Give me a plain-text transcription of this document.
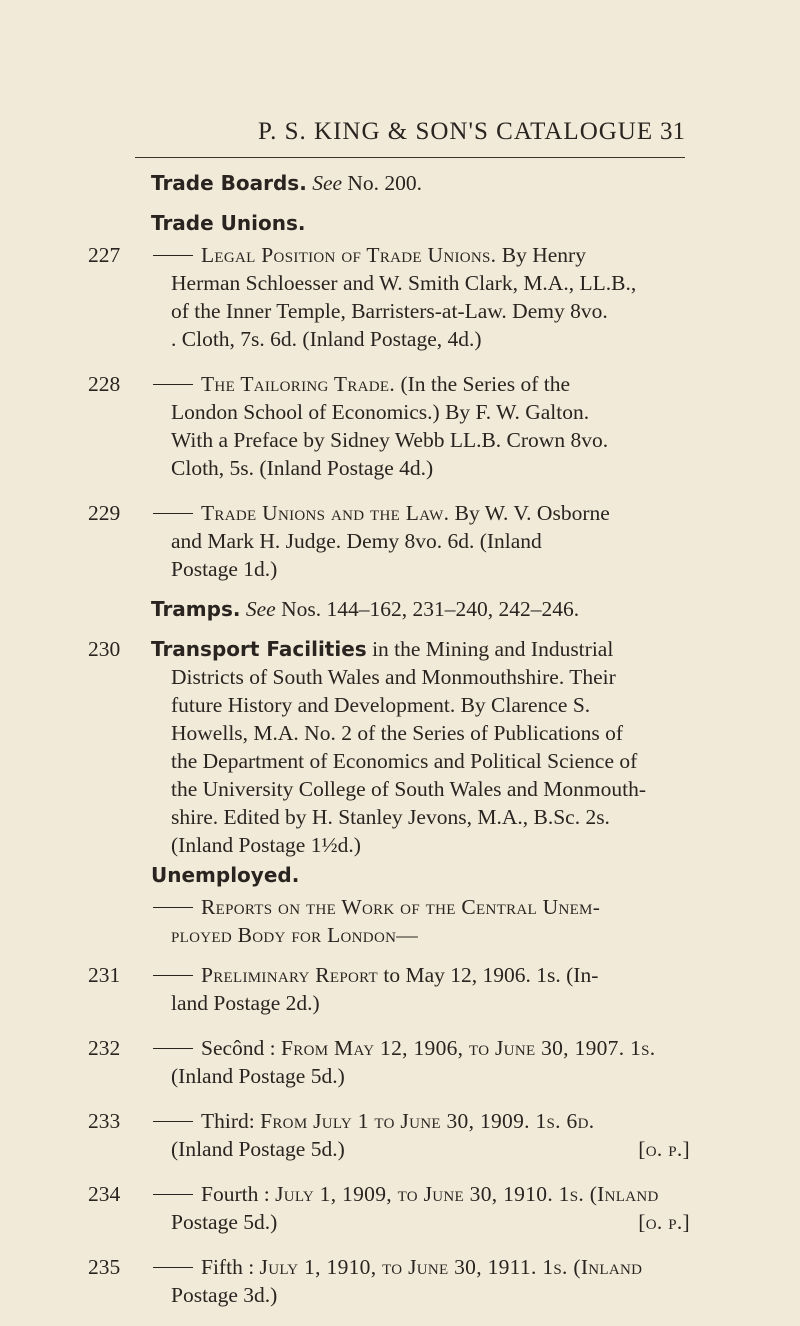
P. S. KING & SON'S CATALOGUE 31
Trade Boards. See No. 200.
Trade Unions.
227	Legal Position of Trade Unions. By Henry
Herman Schloesser and W. Smith Clark, M.A., LL.B.,
of the Inner Temple, Barristers-at-Law. Demy 8vo.
. Cloth, 7s. 6d. (Inland Postage, 4d.)
228	The Tailoring Trade. (In the Series of the
London School of Economics.) By F. W. Galton.
With a Preface by Sidney Webb LL.B. Crown 8vo.
Cloth, 5s. (Inland Postage 4d.)
229	Trade Unions and the Law. By W. V. Osborne
and Mark H. Judge. Demy 8vo. 6d. (Inland
Postage 1d.)
Tramps. See Nos. 144–162, 231–240, 242–246.
230	Transport Facilities in the Mining and Industrial
Districts of South Wales and Monmouthshire. Their
future History and Development. By Clarence S.
Howells, M.A. No. 2 of the Series of Publications of
the Department of Economics and Political Science of
the University College of South Wales and Monmouth-
shire. Edited by H. Stanley Jevons, M.A., B.Sc. 2s.
(Inland Postage 1½d.)
Unemployed.
Reports on the Work of the Central Unem-
ployed Body for London—
231	Preliminary Report to May 12, 1906. 1s. (In-
land Postage 2d.)
232	Secônd : From May 12, 1906, to June 30, 1907. 1s.
(Inland Postage 5d.)
233	Third: From July 1 to June 30, 1909. 1s. 6d.
(Inland Postage 5d.)	[o. p.]
234	Fourth : July 1, 1909, to June 30, 1910. 1s. (Inland
Postage 5d.)	[o. p.]
235	Fifth : July 1, 1910, to June 30, 1911. 1s. (Inland
Postage 3d.)
